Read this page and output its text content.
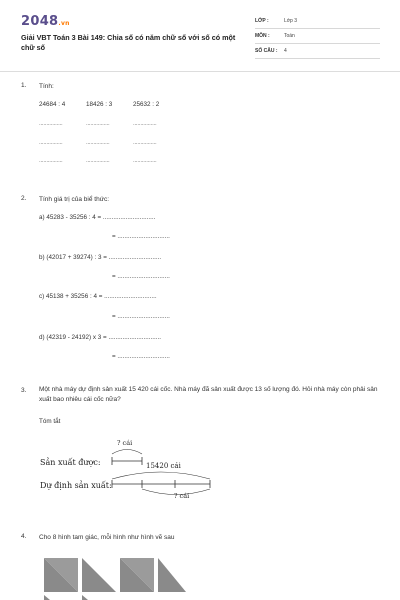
2048.vn
Giải VBT Toán 3 Bài 149: Chia số có năm chữ số với số có một chữ số
LỚP :	Lớp 3
MÔN :	Toán
SỐ CÂU : 4
1. Tính:
24684 : 4	18426 : 3	25632 : 2
................	................	................
................	................	................
................	................	................
2. Tính giá trị của biể thức:
a) 45283 - 35256 : 4 = ..............................
= ..............................
b) (42017 + 39274) : 3 = ..............................
= ..............................
c) 45138 + 35256 : 4 = ..............................
= ..............................
d) (42319 - 24192) x 3 = ..............................
= ..............................
3. Một nhà máy dự định sản xuất 15 420 cái cốc. Nhà máy đã sản xuất được 13 số lượng đó. Hỏi nhà máy còn phải sản xuất bao nhiêu cái cốc nữa?
Tóm tắt
? cái
Sản xuất được:	15420 cái
Dự định sản xuất:
? cái
4. Cho 8 hình tam giác, mỗi hình như hình vẽ sau
